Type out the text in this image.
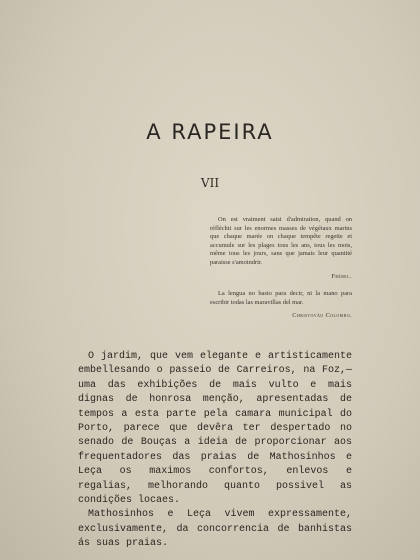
A RAPEIRA
VII

On est vraiment saisi d'admiration, quand on réfléchit sur les enormes masses de végétaux marins que chaque marée on chaque tempête regette et accumule sur les plages tous les ans, tous les mois, même tous les jours, sans que jamais leur quantité paraisse s'amoindrir.

Frèbel.

La lengua no basto para decir, ni la mano para escribir todas las maravillas del mar.

Christovão Colombo.

O jardim, que vem elegante e artisticamente embellesando o passeio de Carreiros, na Foz,—uma das exhibições de mais vulto e mais dignas de honrosa menção, apresentadas de tempos a esta parte pela camara municipal do Porto, parece que devêra ter despertado no senado de Bouças a ideia de proporcionar aos frequentadores das praias de Mathosinhos e Leça os maximos confortos, enlevos e regalias, melhorando quanto possivel as condições locaes.

Mathosinhos e Leça vivem expressamente, exclusivamente, da concorrencia de banhistas ás suas praias.
